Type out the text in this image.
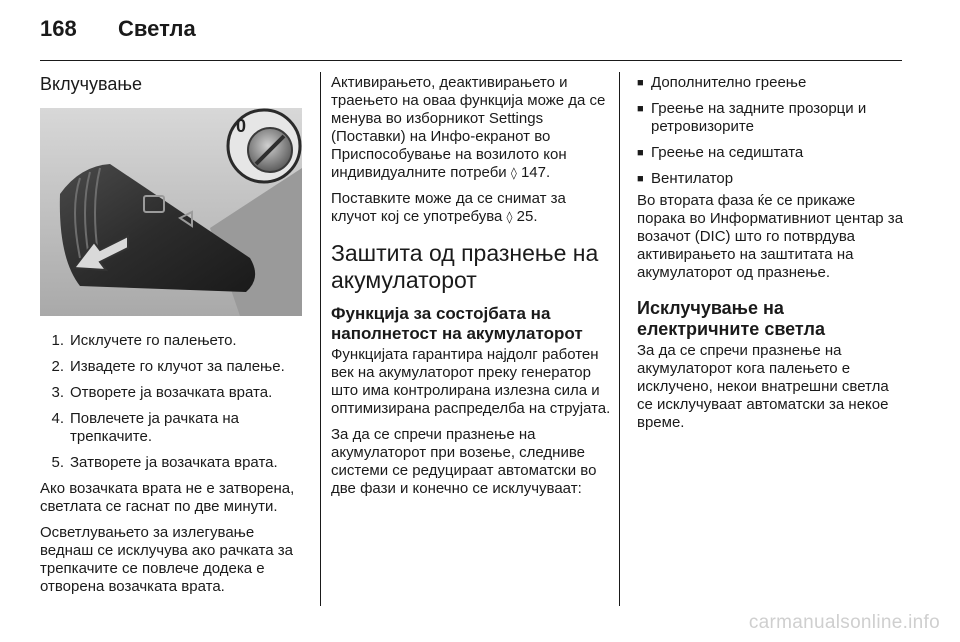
168	Светла
Вклучување
0
1. Исклучете го палењето.
2. Извадете го клучот за палење.
3. Отворете ја возачката врата.
4. Повлечете ја рачката на трепкачите.
5. Затворете ја возачката врата.

Ако возачката врата не е затворена, светлата се гаснат по две минути.

Осветлувањето за излегување веднаш се исклучува ако рачката за трепкачите се повлече додека е отворена возачката врата.

Активирањето, деактивирањето и траењето на оваа функција може да се менува во изборникот Settings (Поставки) на Инфо-екранот во Приспособување на возилото кон индивидуалните потреби ◊ 147.

Поставките може да се снимат за клучот кој се употребува ◊ 25.

Заштита од празнење на акумулаторот
Функција за состојбата на наполнетост на акумулаторот

Функцијата гарантира најдолг работен век на акумулаторот преку генератор што има контролирана излезна сила и оптимизирана распределба на струјата.

За да се спречи празнење на акумулаторот при возење, следниве системи се редуцираат автоматски во две фази и конечно се исклучуваат:

■ Дополнително греење
■ Греење на задните прозорци и ретровизорите
■ Греење на седиштата
■ Вентилатор

Во втората фаза ќе се прикаже порака во Информативниот центар за возачот (DIC) што го потврдува активирањето на заштитата на акумулаторот од празнење.

Исклучување на електричните светла

За да се спречи празнење на акумулаторот кога палењето е исклучено, некои внатрешни светла се исклучуваат автоматски за некое време.

carmanualsonline.info
